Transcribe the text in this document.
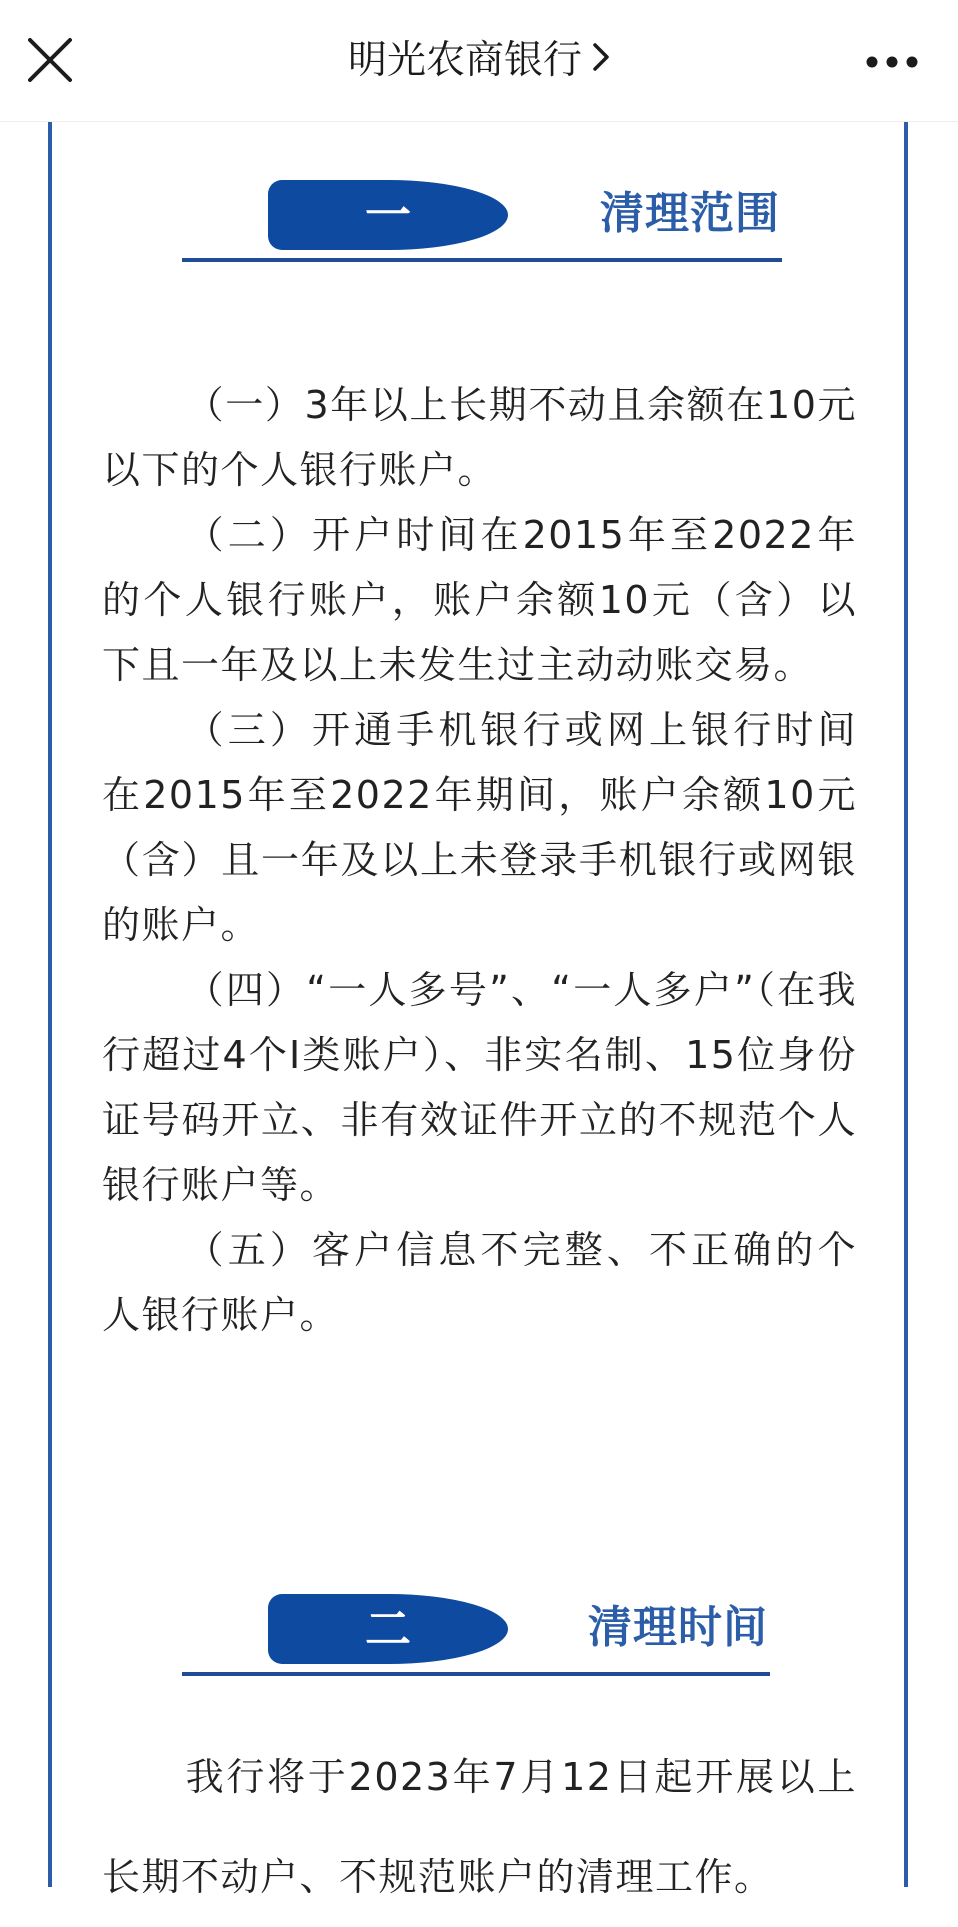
明光农商银行
一	清理范围

（一）3年以上长期不动且余额在10元以下的个人银行账户。

（二）开户时间在2015年至2022年的个人银行账户，账户余额10元（含）以下且一年及以上未发生过主动动账交易。

（三）开通手机银行或网上银行时间在2015年至2022年期间，账户余额10元（含）且一年及以上未登录手机银行或网银的账户。

（四）“一人多号”、“一人多户”（在我行超过4个I类账户）、非实名制、15位身份证号码开立、非有效证件开立的不规范个人银行账户等。

（五）客户信息不完整、不正确的个人银行账户。

二	清理时间

我行将于2023年7月12日起开展以上长期不动户、不规范账户的清理工作。
